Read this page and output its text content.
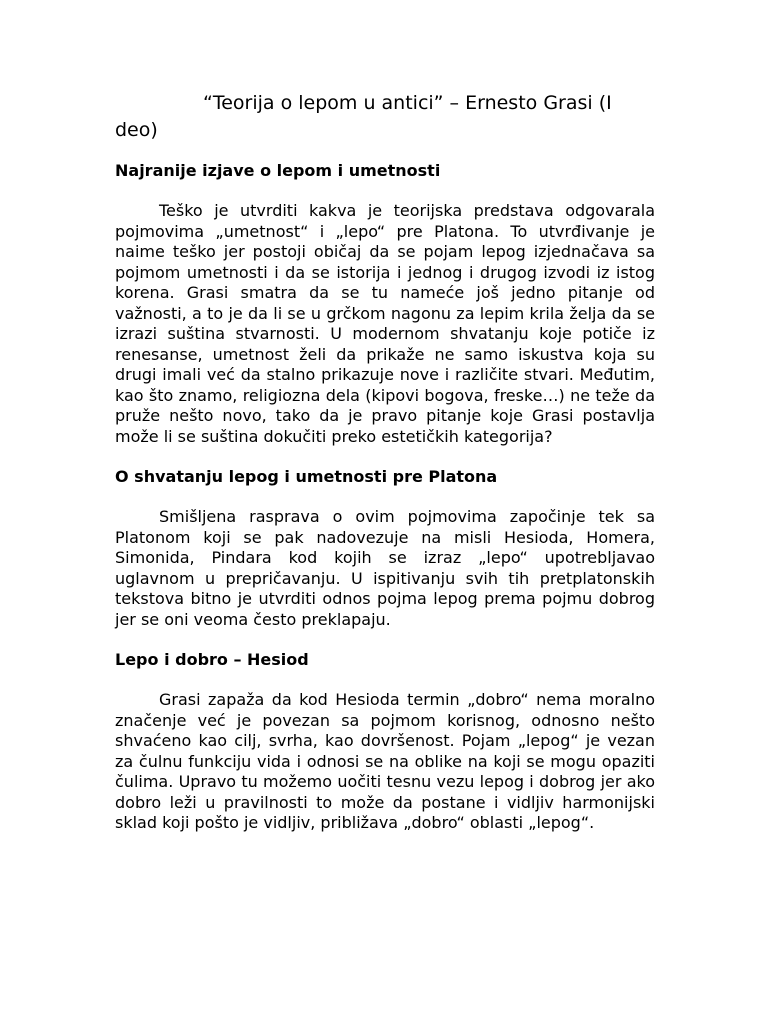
“Teorija o lepom u antici” – Ernesto Grasi (I deo)
Najranije izjave o lepom i umetnosti

Teško je utvrditi kakva je teorijska predstava odgovarala pojmovima „umetnost“ i „lepo“ pre Platona. To utvrđivanje je naime teško jer postoji običaj da se pojam lepog izjednačava sa pojmom umetnosti i da se istorija i jednog i drugog izvodi iz istog korena. Grasi smatra da se tu nameće još jedno pitanje od važnosti, a to je da li se u grčkom nagonu za lepim krila želja da se izrazi suština stvarnosti. U modernom shvatanju koje potiče iz renesanse, umetnost želi da prikaže ne samo iskustva koja su drugi imali već da stalno prikazuje nove i različite stvari. Međutim, kao što znamo, religiozna dela (kipovi bogova, freske…) ne teže da pruže nešto novo, tako da je pravo pitanje koje Grasi postavlja može li se suština dokučiti preko estetičkih kategorija?

O shvatanju lepog i umetnosti pre Platona

Smišljena rasprava o ovim pojmovima započinje tek sa Platonom koji se pak nadovezuje na misli Hesioda, Homera, Simonida, Pindara kod kojih se izraz „lepo“ upotrebljavao uglavnom u prepričavanju. U ispitivanju svih tih pretplatonskih tekstova bitno je utvrditi odnos pojma lepog prema pojmu dobrog jer se oni veoma često preklapaju.

Lepo i dobro – Hesiod

Grasi zapaža da kod Hesioda termin „dobro“ nema moralno značenje već je povezan sa pojmom korisnog, odnosno nešto shvaćeno kao cilj, svrha, kao dovršenost. Pojam „lepog“ je vezan za čulnu funkciju vida i odnosi se na oblike na koji se mogu opaziti čulima. Upravo tu možemo uočiti tesnu vezu lepog i dobrog jer ako dobro leži u pravilnosti to može da postane i vidljiv harmonijski sklad koji pošto je vidljiv, približava „dobro“ oblasti „lepog“.
